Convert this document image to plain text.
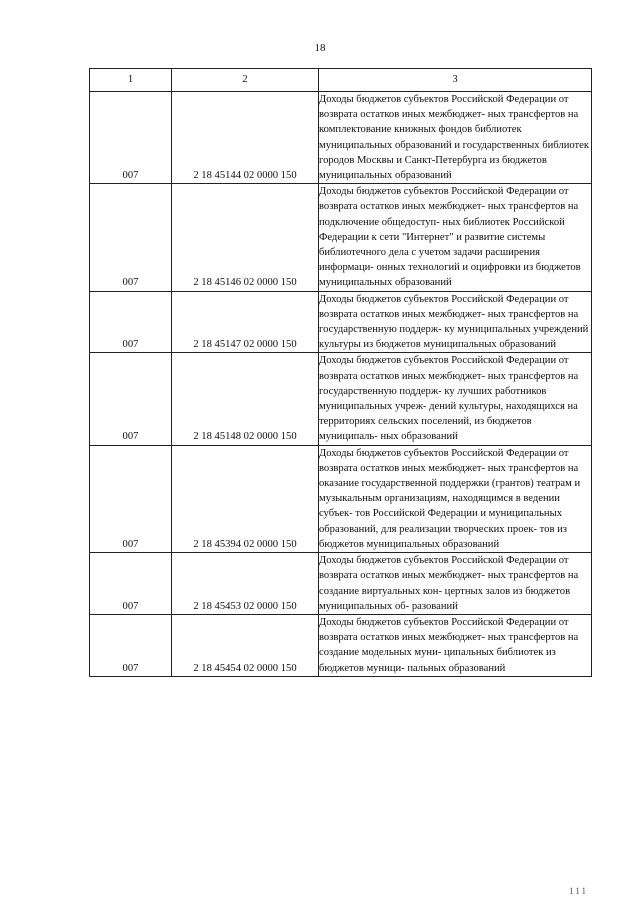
18
1	2	3
007	2 18 45144 02 0000 150	Доходы бюджетов субъектов Российской Федерации от возврата остатков иных межбюджет- ных трансфертов на комплектование книжных фондов библиотек муниципальных образований и государственных библиотек городов Москвы и Санкт-Петербурга из бюджетов муниципальных образований
007	2 18 45146 02 0000 150	Доходы бюджетов субъектов Российской Федерации от возврата остатков иных межбюджет- ных трансфертов на подключение общедоступ- ных библиотек Российской Федерации к сети "Интернет" и развитие системы библиотечного дела с учетом задачи расширения информаци- онных технологий и оцифровки из бюджетов муниципальных образований
007	2 18 45147 02 0000 150	Доходы бюджетов субъектов Российской Федерации от возврата остатков иных межбюджет- ных трансфертов на государственную поддерж- ку муниципальных учреждений культуры из бюджетов муниципальных образований
007	2 18 45148 02 0000 150	Доходы бюджетов субъектов Российской Федерации от возврата остатков иных межбюджет- ных трансфертов на государственную поддерж- ку лучших работников муниципальных учреж- дений культуры, находящихся на территориях сельских поселений, из бюджетов муниципаль- ных образований
007	2 18 45394 02 0000 150	Доходы бюджетов субъектов Российской Федерации от возврата остатков иных межбюджет- ных трансфертов на оказание государственной поддержки (грантов) театрам и музыкальным организациям, находящимся в ведении субъек- тов Российской Федерации и муниципальных образований, для реализации творческих проек- тов из бюджетов муниципальных образований
007	2 18 45453 02 0000 150	Доходы бюджетов субъектов Российской Федерации от возврата остатков иных межбюджет- ных трансфертов на создание виртуальных кон- цертных залов из бюджетов муниципальных об- разований
007	2 18 45454 02 0000 150	Доходы бюджетов субъектов Российской Федерации от возврата остатков иных межбюджет- ных трансфертов на создание модельных муни- ципальных библиотек из бюджетов муници- пальных образований
111
